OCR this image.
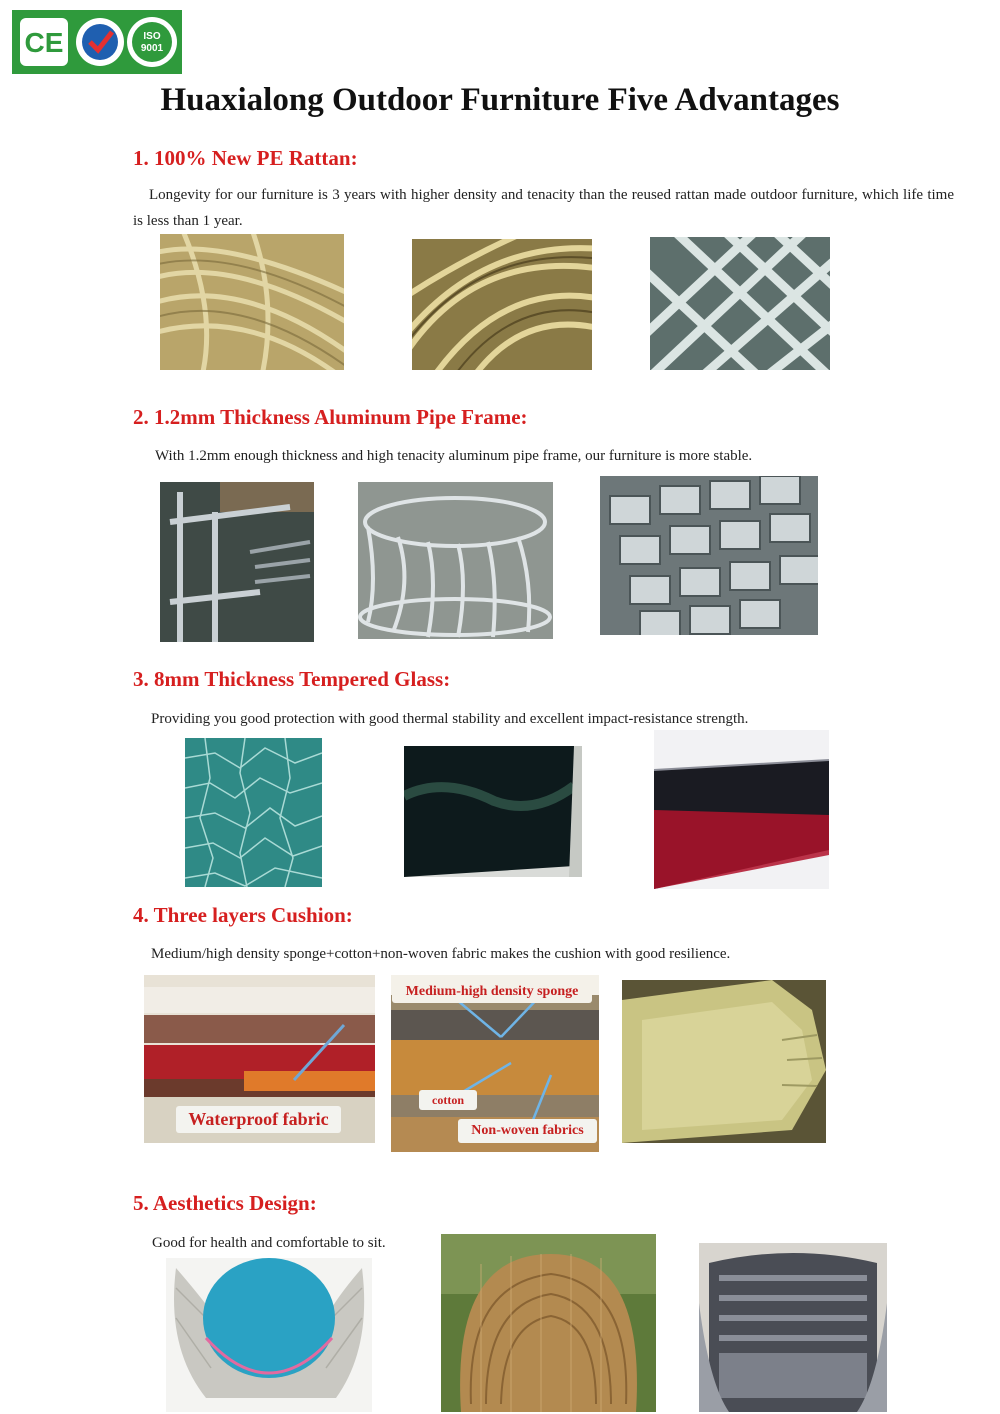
CE	ISO
9001
Huaxialong Outdoor Furniture Five Advantages
1. 100% New PE Rattan:
Longevity for our furniture is 3 years with higher density and tenacity than the reused rattan made outdoor furniture, which life time is less than 1 year.
2. 1.2mm Thickness Aluminum Pipe Frame:
With 1.2mm enough thickness and high tenacity aluminum pipe frame, our furniture is more stable.
3. 8mm Thickness Tempered Glass:
Providing you good protection with good thermal stability and excellent impact-resistance strength.
4. Three layers Cushion:
Medium/high density sponge+cotton+non-woven fabric makes the cushion with good resilience.
Waterproof fabric
Medium-high density sponge
cotton
Non-woven fabrics
5. Aesthetics Design:
Good for health and comfortable to sit.
